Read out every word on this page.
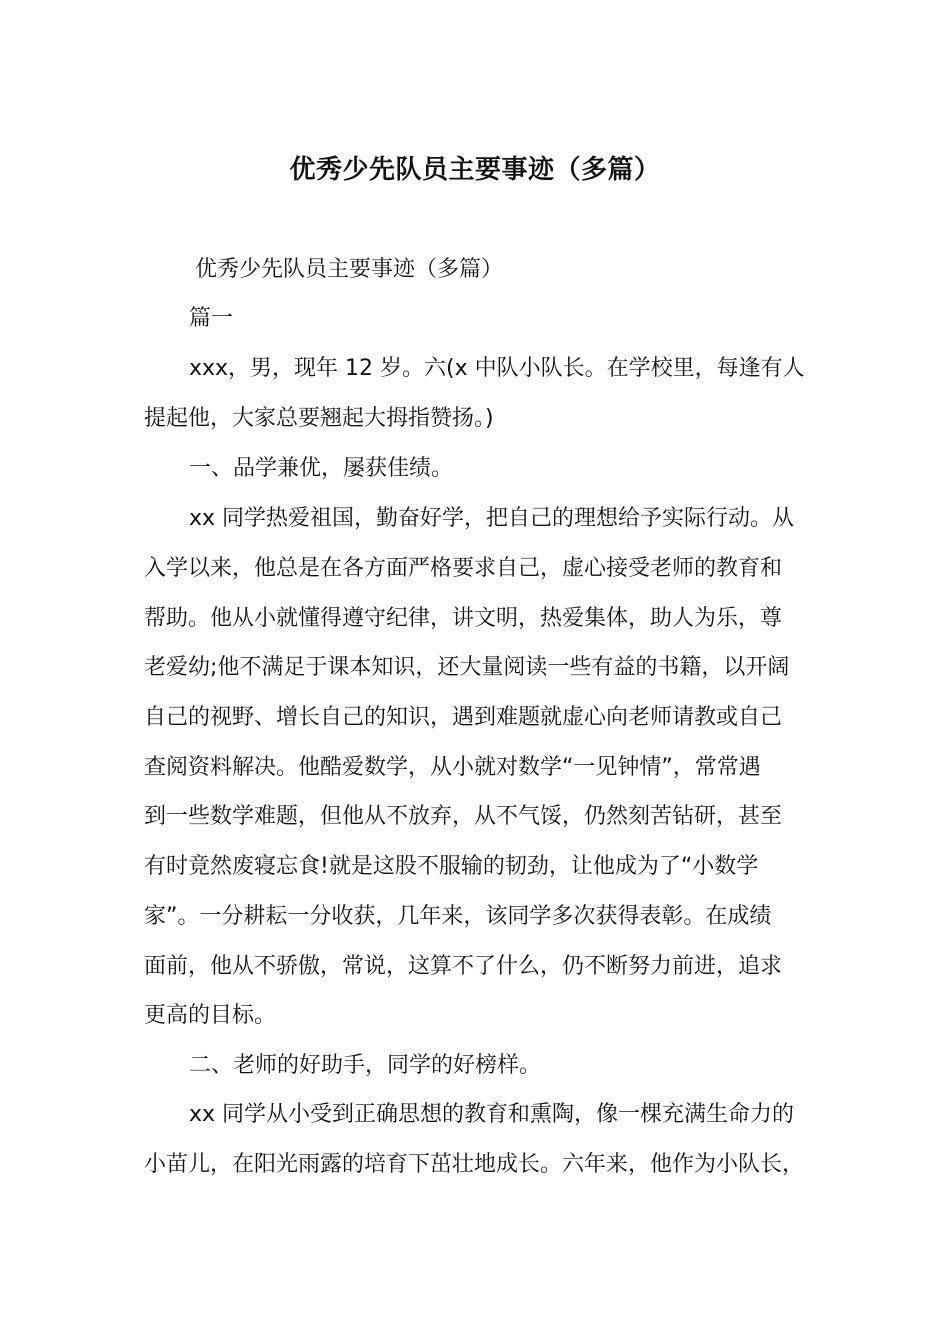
优秀少先队员主要事迹（多篇）

优秀少先队员主要事迹（多篇）

篇一

xxx，男，现年 12 岁。六(x 中队小队长。在学校里，每逢有人

提起他，大家总要翘起大拇指赞扬。)

一、品学兼优，屡获佳绩。

xx 同学热爱祖国，勤奋好学，把自己的理想给予实际行动。从

入学以来，他总是在各方面严格要求自己，虚心接受老师的教育和

帮助。他从小就懂得遵守纪律，讲文明，热爱集体，助人为乐，尊

老爱幼;他不满足于课本知识，还大量阅读一些有益的书籍，以开阔

自己的视野、增长自己的知识，遇到难题就虚心向老师请教或自己

查阅资料解决。他酷爱数学，从小就对数学“一见钟情”，常常遇

到一些数学难题，但他从不放弃，从不气馁，仍然刻苦钻研，甚至

有时竟然废寝忘食!就是这股不服输的韧劲，让他成为了“小数学

家”。一分耕耘一分收获，几年来，该同学多次获得表彰。在成绩

面前，他从不骄傲，常说，这算不了什么，仍不断努力前进，追求

更高的目标。

二、老师的好助手，同学的好榜样。

xx 同学从小受到正确思想的教育和熏陶，像一棵充满生命力的

小苗儿，在阳光雨露的培育下茁壮地成长。六年来，他作为小队长，
